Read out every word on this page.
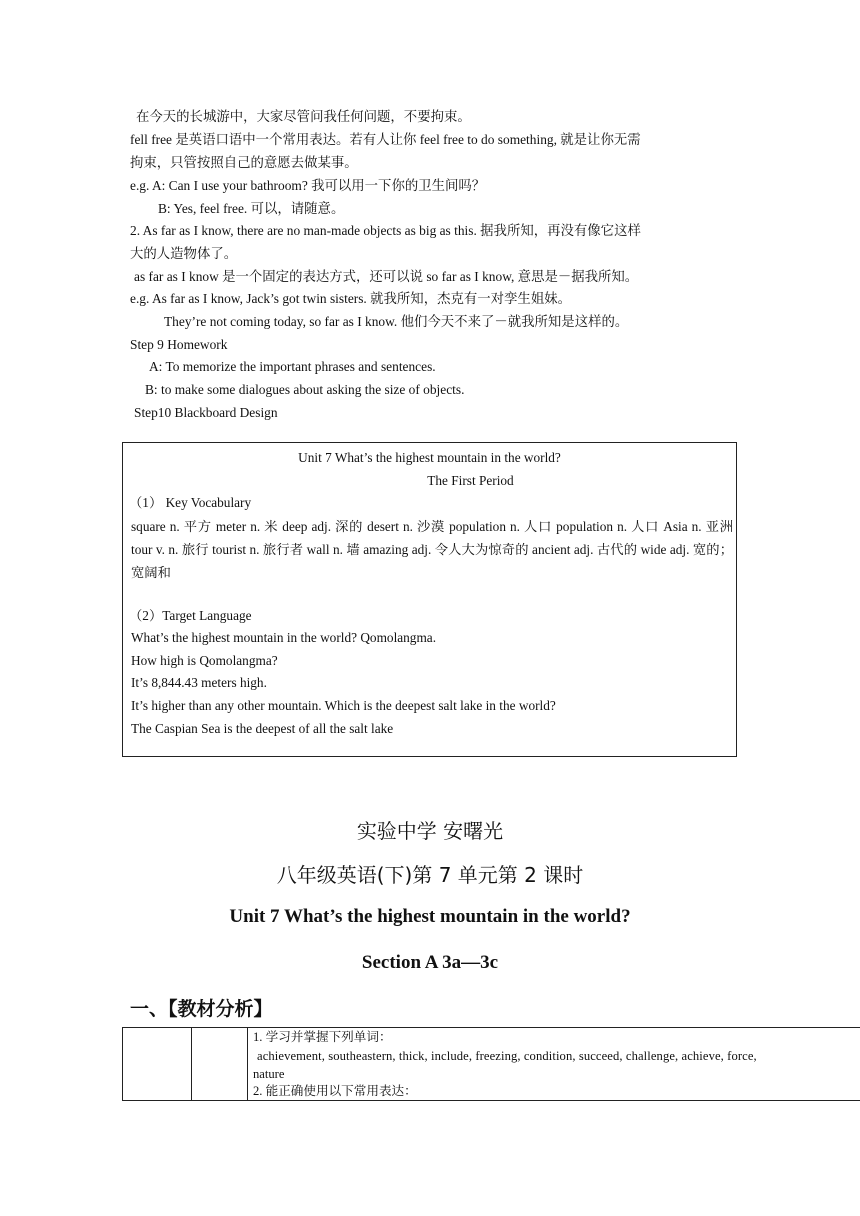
在今天的长城游中，大家尽管问我任何问题，不要拘束。
fell free 是英语口语中一个常用表达。若有人让你 feel free to do something, 就是让你无需
拘束，只管按照自己的意愿去做某事。
e.g. A: Can I use your bathroom? 我可以用一下你的卫生间吗？
B: Yes, feel free. 可以，请随意。
2. As far as I know, there are no man-made objects as big as this. 据我所知，再没有像它这样
大的人造物体了。
as far as I know 是一个固定的表达方式，还可以说 so far as I know, 意思是－据我所知。
e.g. As far as I know, Jack’s got twin sisters. 就我所知，杰克有一对孪生姐妹。
They’re not coming today, so far as I know. 他们今天不来了－就我所知是这样的。
Step 9 Homework
A: To memorize the important phrases and sentences.
B: to make some dialogues about asking the size of objects.
Step10 Blackboard Design
Unit 7 What’s the highest mountain in the world?
The First Period
（1） Key Vocabulary
square n. 平方 meter n. 米 deep adj. 深的 desert n. 沙漠 population n. 人口 population n. 人口 Asia n. 亚洲 tour v. n. 旅行 tourist n. 旅行者 wall n. 墙 amazing adj. 令人大为惊奇的 ancient adj. 古代的 wide adj. 宽的；宽阔和
（2）Target Language
What’s the highest mountain in the world? Qomolangma.
How high is Qomolangma?
It’s 8,844.43 meters high.
It’s higher than any other mountain. Which is the deepest salt lake in the world?
The Caspian Sea is the deepest of all the salt lake
实验中学 安曙光
八年级英语(下)第 7 单元第 2 课时
Unit 7 What’s the highest mountain in the world?
Section A 3a—3c
一、【教材分析】
1. 学习并掌握下列单词：
achievement, southeastern, thick, include, freezing, condition, succeed, challenge, achieve, force,
nature
2. 能正确使用以下常用表达：
